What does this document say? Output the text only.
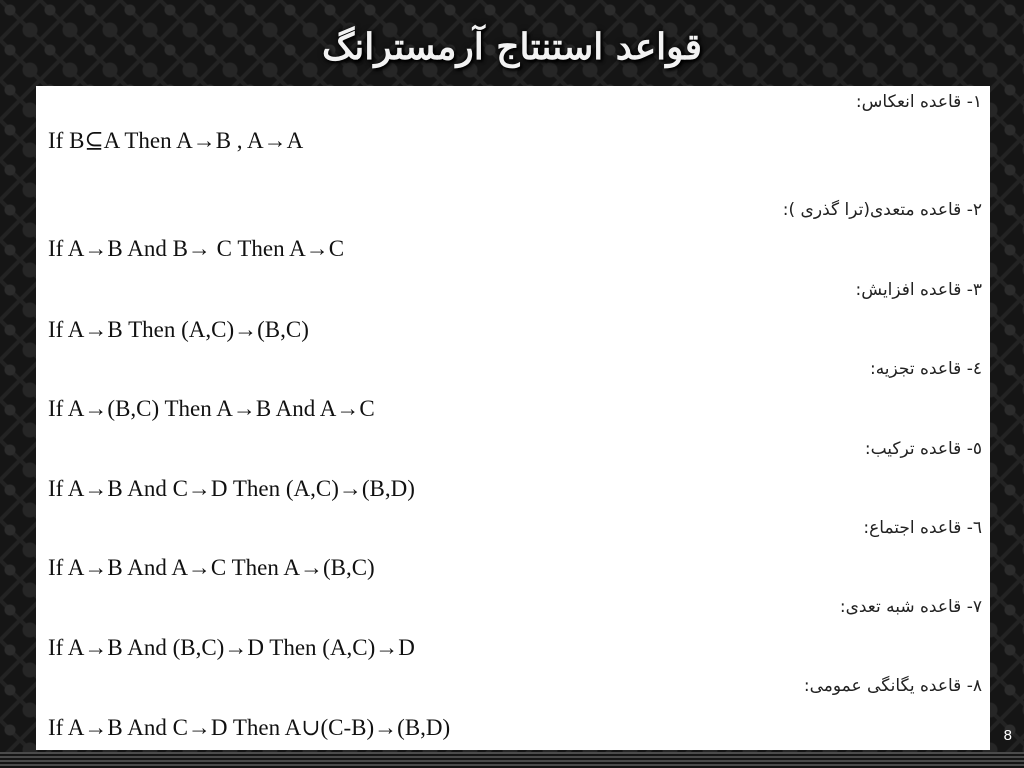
قواعد استنتاج آرمسترانگ
۱- قاعده انعکاس:
If B⊆A Then A→B , A→A
۲- قاعده متعدی(ترا گذری ):
If A→B And B→ C Then A→C
۳- قاعده افزایش:
If A→B Then (A,C)→(B,C)
٤- قاعده تجزیه:
If A→(B,C) Then A→B And A→C
٥- قاعده ترکیب:
If A→B And C→D Then (A,C)→(B,D)
٦- قاعده اجتماع:
If A→B And A→C Then A→(B,C)
۷- قاعده شبه تعدی:
If A→B And (B,C)→D Then (A,C)→D
۸- قاعده یگانگی عمومی:
If A→B And C→D Then A∪(C-B)→(B,D)	8
